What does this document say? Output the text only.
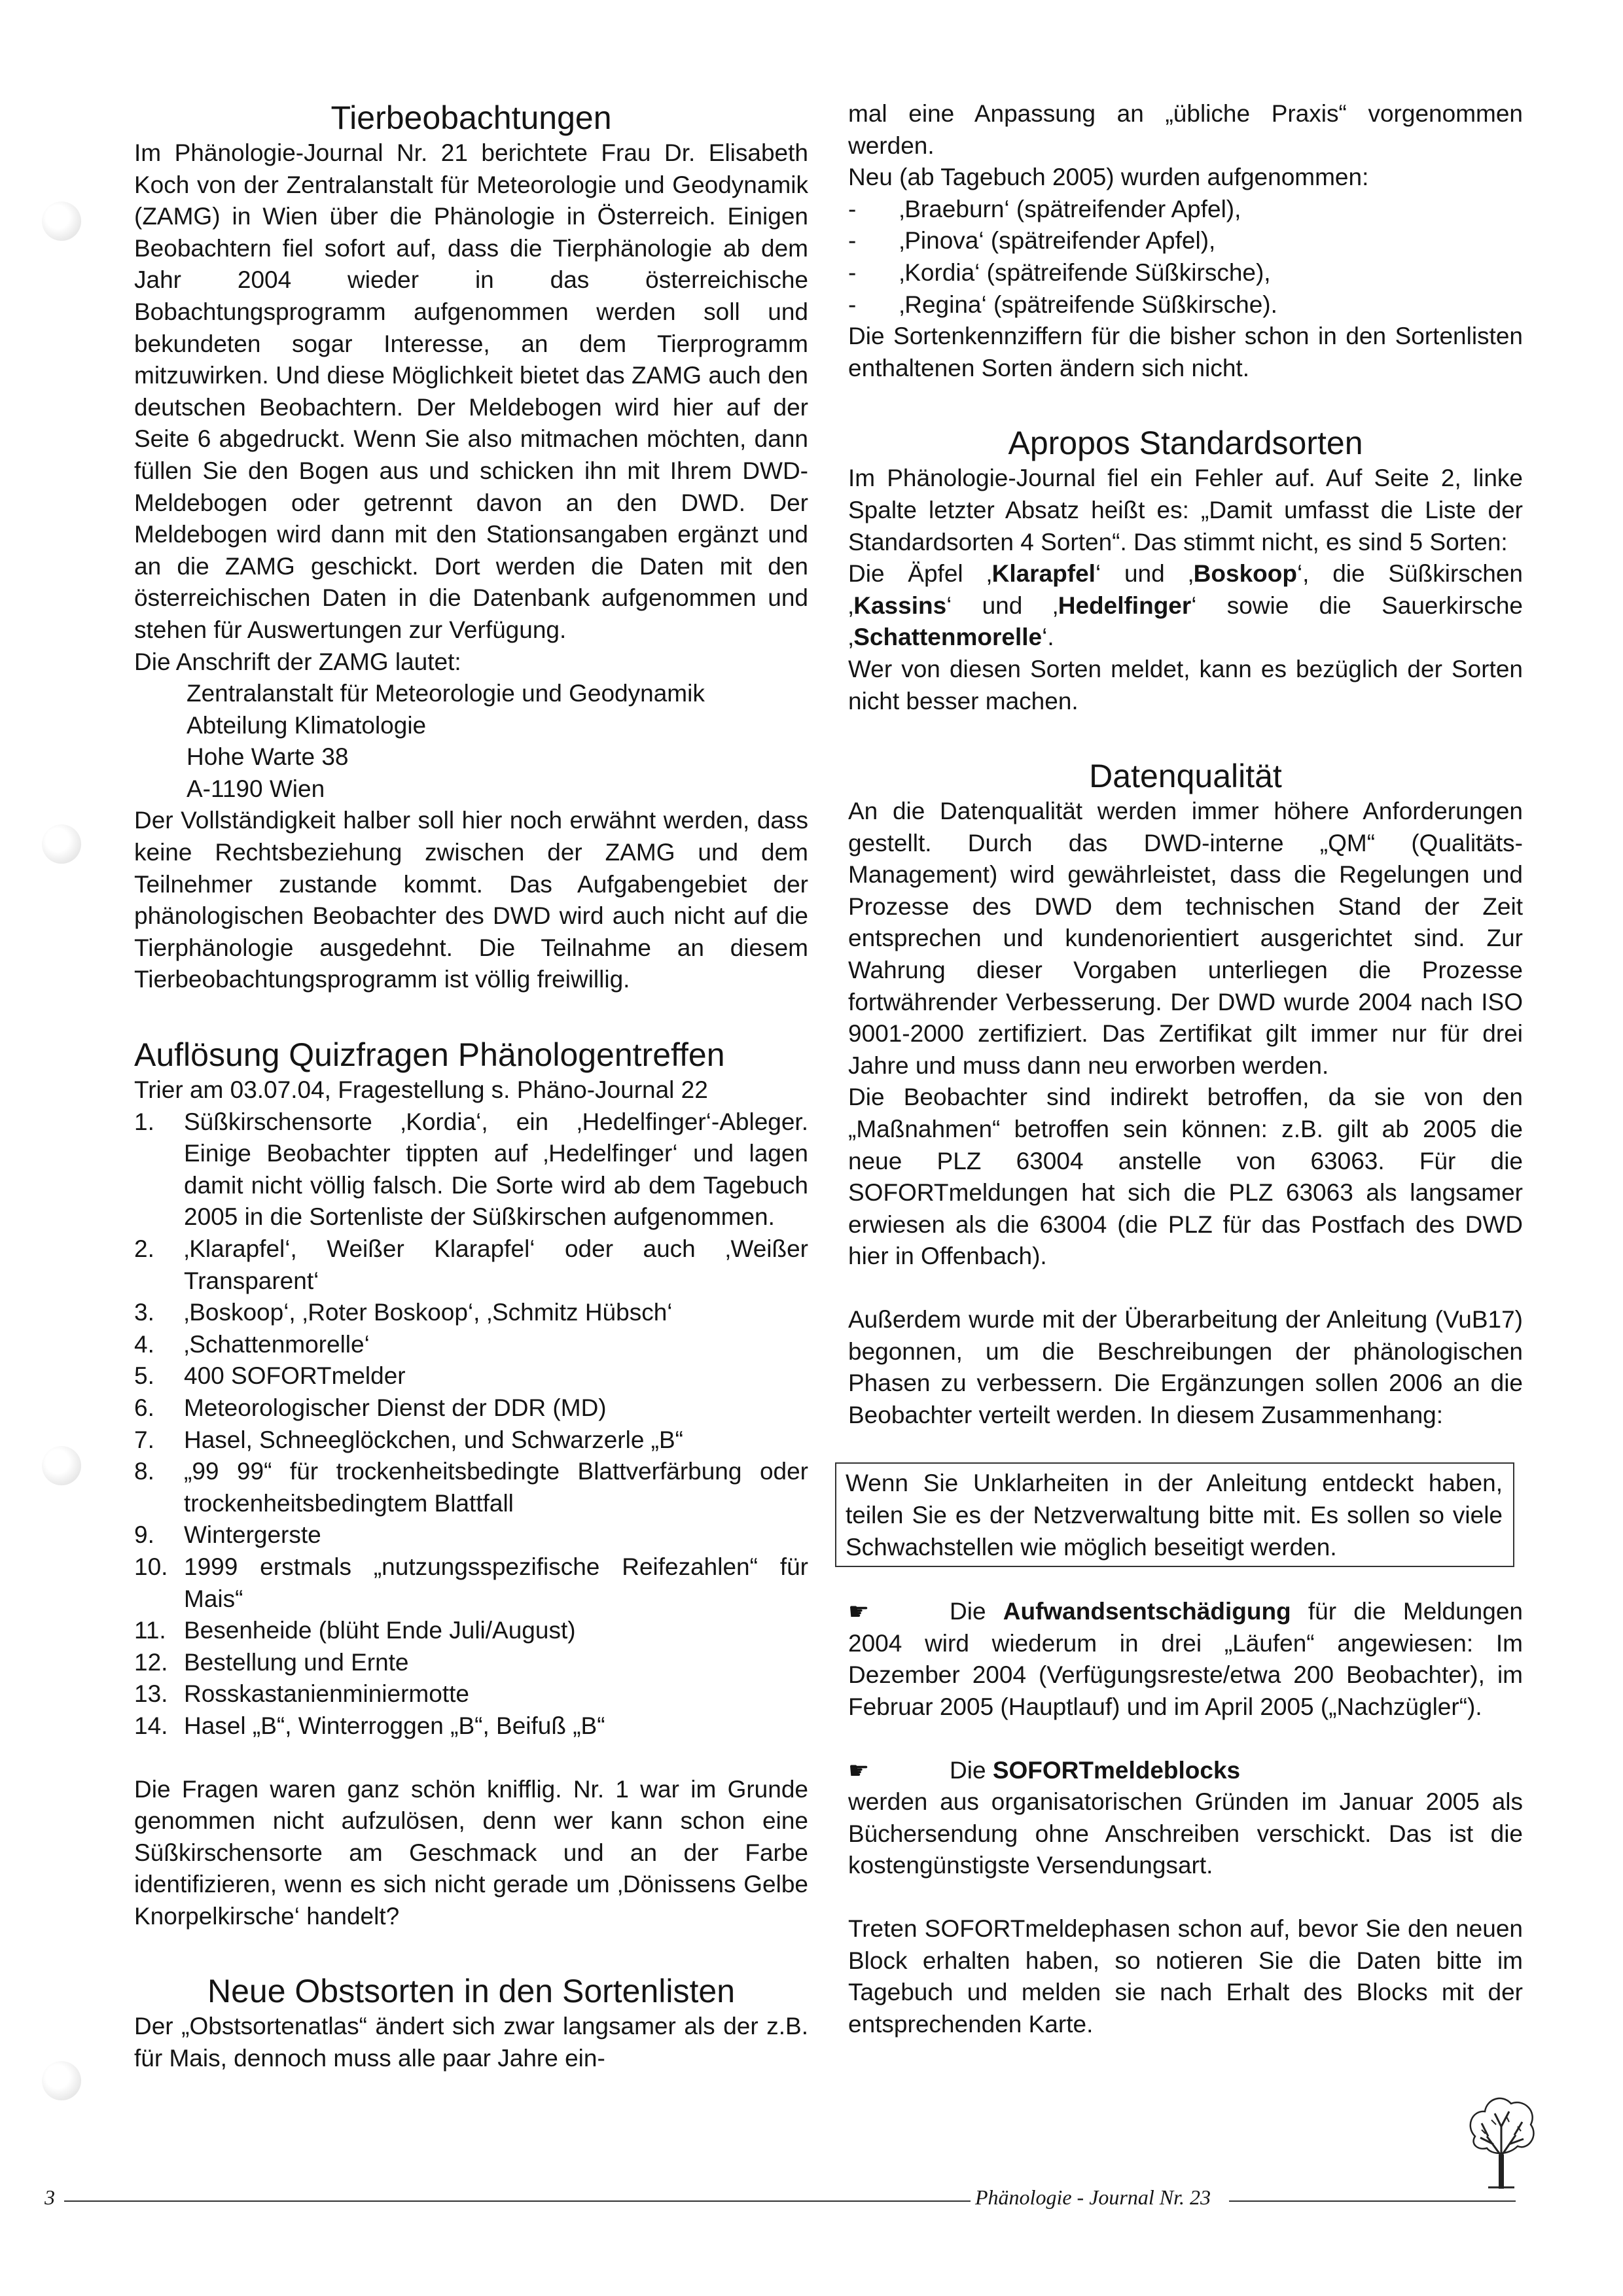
Tierbeobachtungen

Im Phänologie-Journal Nr. 21 berichtete Frau Dr. Elisabeth Koch von der Zentralanstalt für Meteorologie und Geodynamik (ZAMG) in Wien über die Phänologie in Österreich. Einigen Beobachtern fiel sofort auf, dass die Tierphänologie ab dem Jahr 2004 wieder in das österreichische Bobachtungsprogramm aufgenommen werden soll und bekundeten sogar Interesse, an dem Tierprogramm mitzuwirken. Und diese Möglichkeit bietet das ZAMG auch den deutschen Beobachtern. Der Meldebogen wird hier auf der Seite 6 abgedruckt. Wenn Sie also mitmachen möchten, dann füllen Sie den Bogen aus und schicken ihn mit Ihrem DWD-Meldebogen oder getrennt davon an den DWD. Der Meldebogen wird dann mit den Stationsangaben ergänzt und an die ZAMG geschickt. Dort werden die Daten mit den österreichischen Daten in die Datenbank aufgenommen und stehen für Auswertungen zur Verfügung.

Die Anschrift der ZAMG lautet:

Zentralanstalt für Meteorologie und Geodynamik

Abteilung Klimatologie

Hohe Warte 38

A-1190 Wien

Der Vollständigkeit halber soll hier noch erwähnt werden, dass keine Rechtsbeziehung zwischen der ZAMG und dem Teilnehmer zustande kommt. Das Aufgabengebiet der phänologischen Beobachter des DWD wird auch nicht auf die Tierphänologie ausgedehnt. Die Teilnahme an diesem Tierbeobachtungsprogramm ist völlig freiwillig.

Auflösung Quizfragen Phänologentreffen

Trier am 03.07.04, Fragestellung s. Phäno-Journal 22

1.	Süßkirschensorte ‚Kordia‘, ein ‚Hedelfinger‘-Ableger. Einige Beobachter tippten auf ‚Hedelfinger‘ und lagen damit nicht völlig falsch. Die Sorte wird ab dem Tagebuch 2005 in die Sortenliste der Süßkirschen aufgenommen.
2.	‚Klarapfel‘, Weißer Klarapfel‘ oder auch ‚Weißer Transparent‘
3.	‚Boskoop‘, ‚Roter Boskoop‘, ‚Schmitz Hübsch‘
4.	‚Schattenmorelle‘
5.	400 SOFORTmelder
6.	Meteorologischer Dienst der DDR (MD)
7.	Hasel, Schneeglöckchen, und Schwarzerle „B“
8.	„99 99“ für trockenheitsbedingte Blattverfärbung oder trockenheitsbedingtem Blattfall
9.	Wintergerste
10. 1999 erstmals „nutzungsspezifische Reifezahlen“ für Mais“
11. Besenheide (blüht Ende Juli/August)
12. Bestellung und Ernte
13. Rosskastanienminiermotte
14. Hasel „B“, Winterroggen „B“, Beifuß „B“

Die Fragen waren ganz schön knifflig. Nr. 1 war im Grunde genommen nicht aufzulösen, denn wer kann schon eine Süßkirschensorte am Geschmack und an der Farbe identifizieren, wenn es sich nicht gerade um ‚Dönissens Gelbe Knorpelkirsche‘ handelt?

Neue Obstsorten in den Sortenlisten

Der „Obstsortenatlas“ ändert sich zwar langsamer als der z.B. für Mais, dennoch muss alle paar Jahre ein-

mal eine Anpassung an „übliche Praxis“ vorgenommen werden.

Neu (ab Tagebuch 2005) wurden aufgenommen:

-	‚Braeburn‘ (spätreifender Apfel),
-	‚Pinova‘ (spätreifender Apfel),
-	‚Kordia‘ (spätreifende Süßkirsche),
-	‚Regina‘ (spätreifende Süßkirsche).

Die Sortenkennziffern für die bisher schon in den Sortenlisten enthaltenen Sorten ändern sich nicht.

Apropos Standardsorten

Im Phänologie-Journal fiel ein Fehler auf. Auf Seite 2, linke Spalte letzter Absatz heißt es: „Damit umfasst die Liste der Standardsorten 4 Sorten“. Das stimmt nicht, es sind 5 Sorten:

Die Äpfel ‚Klarapfel‘ und ‚Boskoop‘, die Süßkirschen ‚Kassins‘ und ‚Hedelfinger‘ sowie die Sauerkirsche ‚Schattenmorelle‘.

Wer von diesen Sorten meldet, kann es bezüglich der Sorten nicht besser machen.

Datenqualität

An die Datenqualität werden immer höhere Anforderungen gestellt. Durch das DWD-interne „QM“ (Qualitäts-Management) wird gewährleistet, dass die Regelungen und Prozesse des DWD dem technischen Stand der Zeit entsprechen und kundenorientiert ausgerichtet sind. Zur Wahrung dieser Vorgaben unterliegen die Prozesse fortwährender Verbesserung. Der DWD wurde 2004 nach ISO 9001-2000 zertifiziert. Das Zertifikat gilt immer nur für drei Jahre und muss dann neu erworben werden.

Die Beobachter sind indirekt betroffen, da sie von den „Maßnahmen“ betroffen sein können: z.B. gilt ab 2005 die neue PLZ 63004 anstelle von 63063. Für die SOFORTmeldungen hat sich die PLZ 63063 als langsamer erwiesen als die 63004 (die PLZ für das Postfach des DWD hier in Offenbach).

Außerdem wurde mit der Überarbeitung der Anleitung (VuB17) begonnen, um die Beschreibungen der phänologischen Phasen zu verbessern. Die Ergänzungen sollen 2006 an die Beobachter verteilt werden. In diesem Zusammenhang:

Wenn Sie Unklarheiten in der Anleitung entdeckt haben, teilen Sie es der Netzverwaltung bitte mit. Es sollen so viele Schwachstellen wie möglich beseitigt werden.

☛	Die Aufwandsentschädigung für die Meldungen 2004 wird wiederum in drei „Läufen“ angewiesen: Im Dezember 2004 (Verfügungsreste/etwa 200 Beobachter), im Februar 2005 (Hauptlauf) und im April 2005 („Nachzügler“).

☛	Die SOFORTmeldeblocks

werden aus organisatorischen Gründen im Januar 2005 als Büchersendung ohne Anschreiben verschickt. Das ist die kostengünstigste Versendungsart.

Treten SOFORTmeldephasen schon auf, bevor Sie den neuen Block erhalten haben, so notieren Sie die Daten bitte im Tagebuch und melden sie nach Erhalt des Blocks mit der entsprechenden Karte.

3	Phänologie - Journal Nr. 23
